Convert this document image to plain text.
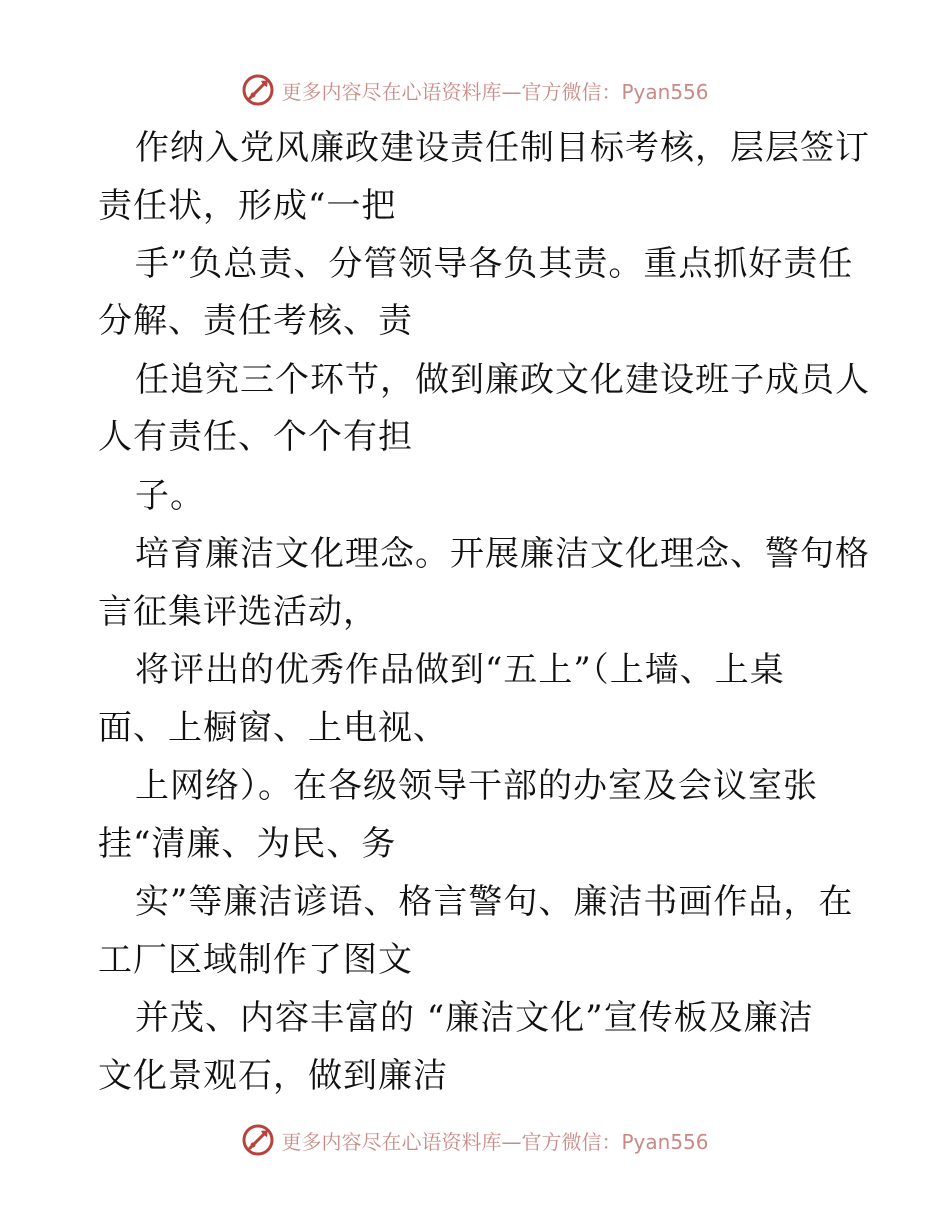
更多内容尽在心语资料库—官方微信：Pyan556
作纳入党风廉政建设责任制目标考核，层层签订
责任状，形成“一把
手”负总责、分管领导各负其责。重点抓好责任
分解、责任考核、责
任追究三个环节，做到廉政文化建设班子成员人
人有责任、个个有担
子。
培育廉洁文化理念。开展廉洁文化理念、警句格
言征集评选活动，
将评出的优秀作品做到“五上”（上墙、上桌
面、上橱窗、上电视、
上网络）。在各级领导干部的办室及会议室张
挂“清廉、为民、务
实”等廉洁谚语、格言警句、廉洁书画作品，在
工厂区域制作了图文
并茂、内容丰富的 “廉洁文化”宣传板及廉洁
文化景观石，做到廉洁
更多内容尽在心语资料库—官方微信：Pyan556
